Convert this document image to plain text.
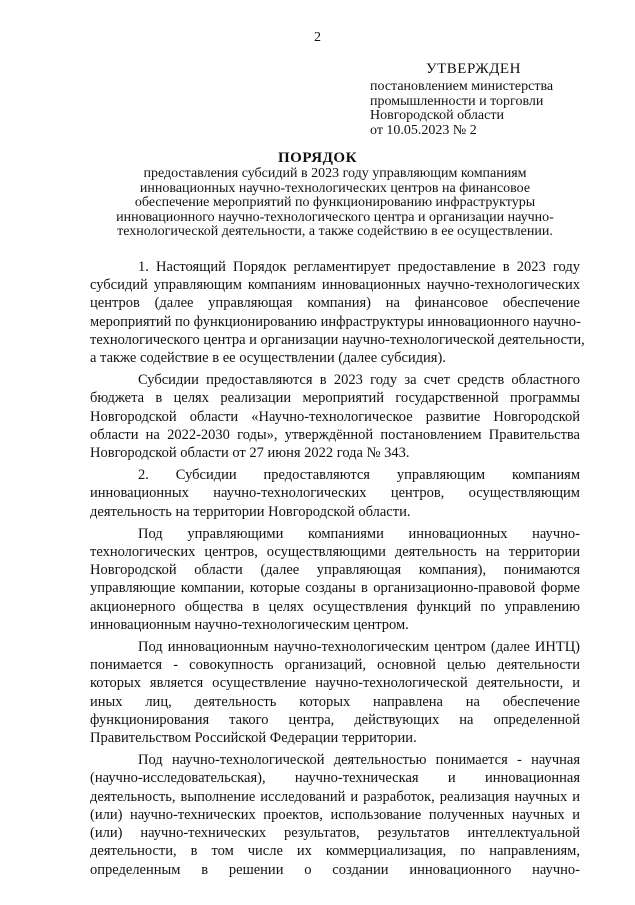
2
УТВЕРЖДЕН
постановлением министерства
промышленности и торговли
Новгородской области
от 10.05.2023 № 2
ПОРЯДОК
предоставления субсидий в 2023 году управляющим компаниям
инновационных научно-технологических центров на финансовое
обеспечение мероприятий по функционированию инфраструктуры
инновационного научно-технологического центра и организации научно-
технологической деятельности, а также содействию в ее осуществлении.
1. Настоящий Порядок регламентирует предоставление в 2023 году
субсидий управляющим компаниям инновационных научно-технологических
центров (далее управляющая компания) на финансовое обеспечение
мероприятий по функционированию инфраструктуры инновационного научно-
технологического центра и организации научно-технологической деятельности,
а также содействие в ее осуществлении (далее субсидия).
Субсидии предоставляются в 2023 году за счет средств областного
бюджета в целях реализации мероприятий государственной программы
Новгородской области «Научно-технологическое развитие Новгородской
области на 2022-2030 годы», утверждённой постановлением Правительства
Новгородской области от 27 июня 2022 года № 343.
2. Субсидии предоставляются управляющим компаниям
инновационных научно-технологических центров, осуществляющим
деятельность на территории Новгородской области.
Под управляющими компаниями инновационных научно-
технологических центров, осуществляющими деятельность на территории
Новгородской области (далее управляющая компания), понимаются
управляющие компании, которые созданы в организационно-правовой форме
акционерного общества в целях осуществления функций по управлению
инновационным научно-технологическим центром.
Под инновационным научно-технологическим центром (далее ИНТЦ)
понимается - совокупность организаций, основной целью деятельности
которых является осуществление научно-технологической деятельности, и
иных лиц, деятельность которых направлена на обеспечение
функционирования такого центра, действующих на определенной
Правительством Российской Федерации территории.
Под научно-технологической деятельностью понимается - научная
(научно-исследовательская), научно-техническая и инновационная
деятельность, выполнение исследований и разработок, реализация научных и
(или) научно-технических проектов, использование полученных научных и
(или) научно-технических результатов, результатов интеллектуальной
деятельности, в том числе их коммерциализация, по направлениям,
определенным в решении о создании инновационного научно-
